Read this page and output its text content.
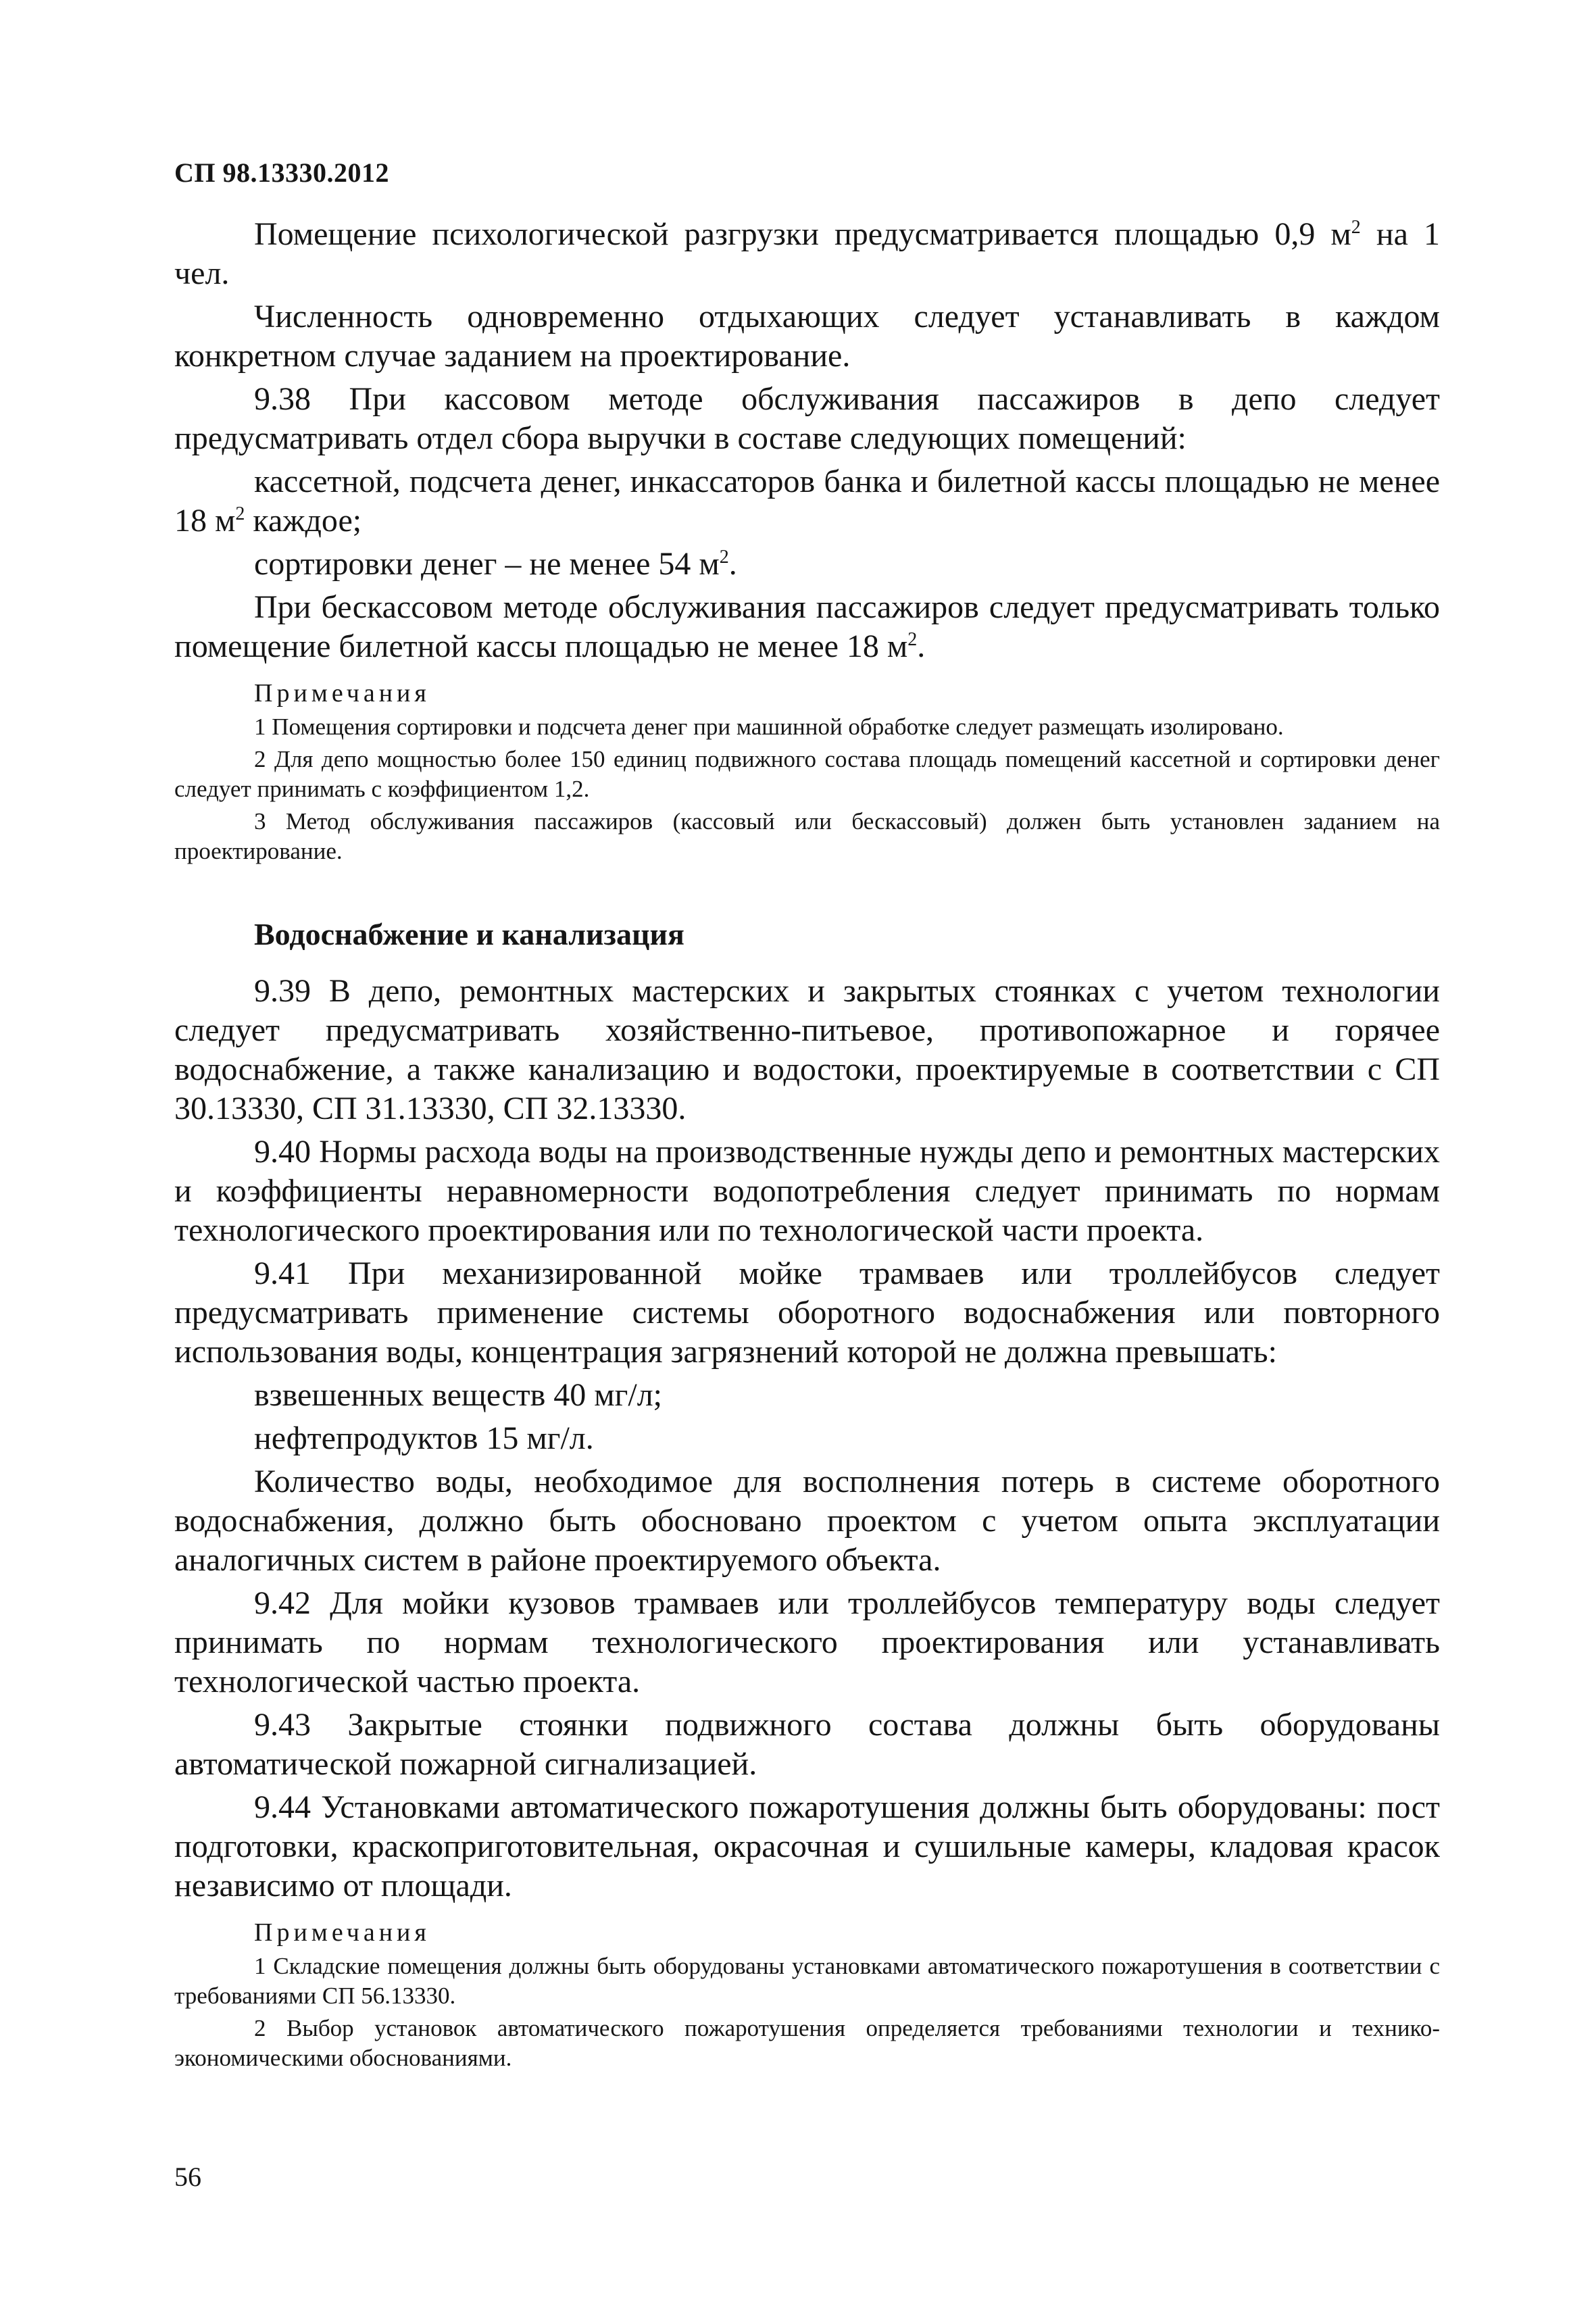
СП 98.13330.2012

Помещение психологической разгрузки предусматривается площадью 0,9 $м^2$ на 1 чел.

Численность одновременно отдыхающих следует устанавливать в каждом конкретном случае заданием на проектирование.

9.38 При кассовом методе обслуживания пассажиров в депо следует предусматривать отдел сбора выручки в составе следующих помещений:

кассетной, подсчета денег, инкассаторов банка и билетной кассы площадью не менее 18 $м^2$ каждое;

сортировки денег – не менее 54 $м^2$.

При бескассовом методе обслуживания пассажиров следует предусматривать только помещение билетной кассы площадью не менее 18 $м^2$.

Примечания

1 Помещения сортировки и подсчета денег при машинной обработке следует размещать изолировано.

2 Для депо мощностью более 150 единиц подвижного состава площадь помещений кассетной и сортировки денег следует принимать с коэффициентом 1,2.

3 Метод обслуживания пассажиров (кассовый или бескассовый) должен быть установлен заданием на проектирование.

Водоснабжение и канализация

9.39 В депо, ремонтных мастерских и закрытых стоянках с учетом технологии следует предусматривать хозяйственно-питьевое, противопожарное и горячее водоснабжение, а также канализацию и водостоки, проектируемые в соответствии с СП 30.13330, СП 31.13330, СП 32.13330.

9.40 Нормы расхода воды на производственные нужды депо и ремонтных мастерских и коэффициенты неравномерности водопотребления следует принимать по нормам технологического проектирования или по технологической части проекта.

9.41 При механизированной мойке трамваев или троллейбусов следует предусматривать применение системы оборотного водоснабжения или повторного использования воды, концентрация загрязнений которой не должна превышать:

взвешенных веществ 40 мг/л;

нефтепродуктов 15 мг/л.

Количество воды, необходимое для восполнения потерь в системе оборотного водоснабжения, должно быть обосновано проектом с учетом опыта эксплуатации аналогичных систем в районе проектируемого объекта.

9.42 Для мойки кузовов трамваев или троллейбусов температуру воды следует принимать по нормам технологического проектирования или устанавливать технологической частью проекта.

9.43 Закрытые стоянки подвижного состава должны быть оборудованы автоматической пожарной сигнализацией.

9.44 Установками автоматического пожаротушения должны быть оборудованы: пост подготовки, краскоприготовительная, окрасочная и сушильные камеры, кладовая красок независимо от площади.

Примечания

1 Складские помещения должны быть оборудованы установками автоматического пожаротушения в соответствии с требованиями СП 56.13330.

2 Выбор установок автоматического пожаротушения определяется требованиями технологии и технико-экономическими обоснованиями.

56
